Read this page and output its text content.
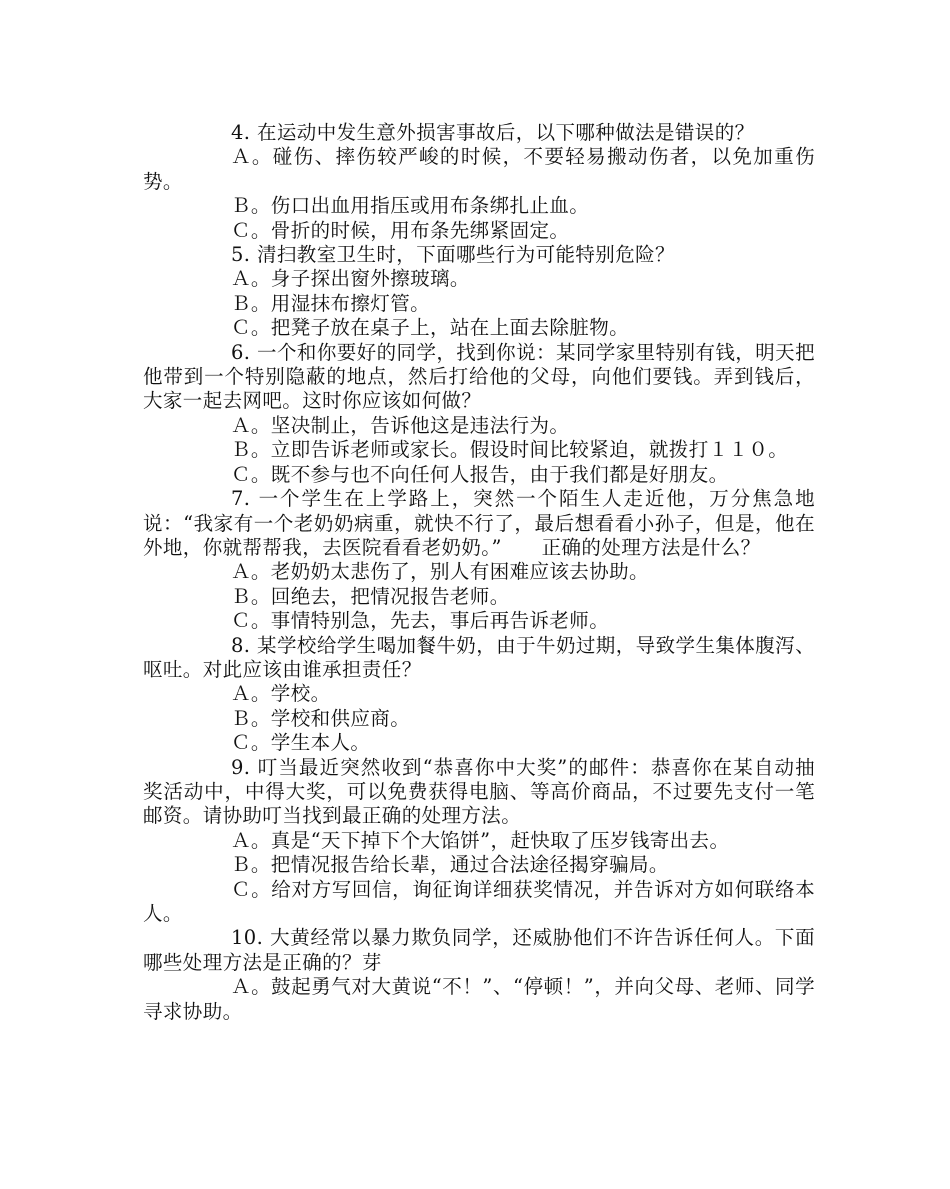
4. 在运动中发生意外损害事故后，以下哪种做法是错误的？

Ａ。碰伤、摔伤较严峻的时候，不要轻易搬动伤者，以免加重伤势。

Ｂ。伤口出血用指压或用布条绑扎止血。

Ｃ。骨折的时候，用布条先绑紧固定。

5. 清扫教室卫生时，下面哪些行为可能特别危险？

Ａ。身子探出窗外擦玻璃。

Ｂ。用湿抹布擦灯管。

Ｃ。把凳子放在桌子上，站在上面去除脏物。

6. 一个和你要好的同学，找到你说：某同学家里特别有钱，明天把他带到一个特别隐蔽的地点，然后打给他的父母，向他们要钱。弄到钱后，大家一起去网吧。这时你应该如何做？

Ａ。坚决制止，告诉他这是违法行为。

Ｂ。立即告诉老师或家长。假设时间比较紧迫，就拨打１１０。

Ｃ。既不参与也不向任何人报告，由于我们都是好朋友。

7. 一个学生在上学路上，突然一个陌生人走近他，万分焦急地说：“我家有一个老奶奶病重，就快不行了，最后想看看小孙子，但是，他在外地，你就帮帮我，去医院看看老奶奶。”　　正确的处理方法是什么？

Ａ。老奶奶太悲伤了，别人有困难应该去协助。

Ｂ。回绝去，把情况报告老师。

Ｃ。事情特别急，先去，事后再告诉老师。

8. 某学校给学生喝加餐牛奶，由于牛奶过期，导致学生集体腹泻、呕吐。对此应该由谁承担责任？

Ａ。学校。

Ｂ。学校和供应商。

Ｃ。学生本人。

9. 叮当最近突然收到“恭喜你中大奖”的邮件：恭喜你在某自动抽奖活动中，中得大奖，可以免费获得电脑、等高价商品，不过要先支付一笔邮资。请协助叮当找到最正确的处理方法。

Ａ。真是“天下掉下个大馅饼”，赶快取了压岁钱寄出去。

Ｂ。把情况报告给长辈，通过合法途径揭穿骗局。

Ｃ。给对方写回信，询征询详细获奖情况，并告诉对方如何联络本人。

10. 大黄经常以暴力欺负同学，还威胁他们不许告诉任何人。下面哪些处理方法是正确的？芽

Ａ。鼓起勇气对大黄说“不！”、“停顿！”，并向父母、老师、同学寻求协助。
